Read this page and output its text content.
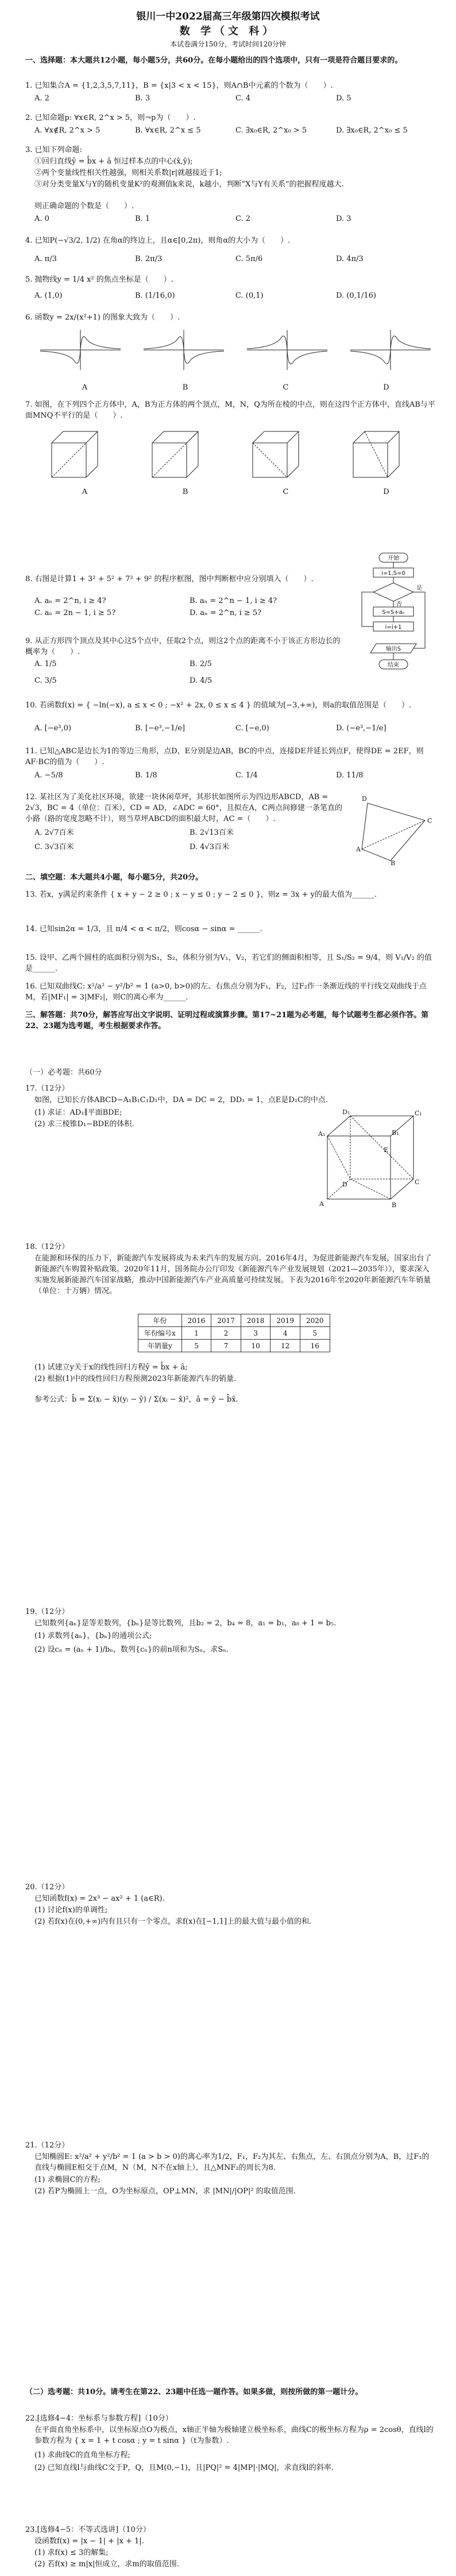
银川一中2022届高三年级第四次模拟考试
数 学（文 科）
本试卷满分150分，考试时间120分钟
一、选择题：本大题共12小题，每小题5分，共60分。在每小题给出的四个选项中，只有一项是符合题目要求的。
1. 已知集合A = {1,2,3,5,7,11}，B = {x|3 < x < 15}，则A∩B中元素的个数为（　　）.
A. 2	B. 3	C. 4	D. 5
2. 已知命题p: ∀x∈R, 2^x > 5，则¬p为（　　）.
A. ∀x∉R, 2^x > 5	B. ∀x∈R, 2^x ≤ 5	C. ∃x₀∈R, 2^x₀ > 5	D. ∃x₀∈R, 2^x₀ ≤ 5
3. 已知下列命题:
①回归直线ŷ = b̂x + â 恒过样本点的中心(x̄,ȳ);
②两个变量线性相关性越强，则相关系数|r|就越接近于1;
③对分类变量X与Y的随机变量K²的观测值k来说，k越小，判断“X与Y有关系”的把握程度越大.
则正确命题的个数是（　　）.
A. 0	B. 1	C. 2	D. 3
4. 已知P(−√3/2, 1/2) 在角α的终边上，且α∈[0,2π)，则角α的大小为（　　）.
A. π/3	B. 2π/3	C. 5π/6	D. 4π/3
5. 抛物线y = 1/4 x² 的焦点坐标是（　　）.
A. (1,0)	B. (1/16,0)	C. (0,1)	D. (0,1/16)
6. 函数y = 2x/(x²+1) 的图象大致为（　　）.
A	B	C	D
7. 如图，在下列四个正方体中，A，B为正方体的两个顶点，M，N，Q为所在棱的中点，则在这四个正方体中，直线AB与平面MNQ不平行的是（　　）.
A	B	C	D
8. 右图是计算1 + 3² + 5² + 7² + 9² 的程序框图，图中判断框中应分别填入（　　）.
A. aₙ = 2^n, i ≥ 4?	B. aₙ = 2^n − 1, i ≥ 4?
C. aₙ = 2n − 1, i ≥ 5?	D. aₙ = 2^n, i ≥ 5?
开始
i=1,S=0
S=S+aₙ
i=i+1
否
是
输出S
结束
9. 从正方形四个顶点及其中心这5个点中，任取2个点，则这2个点的距离不小于该正方形边长的概率为（　　）.
A. 1/5	B. 2/5
C. 3/5	D. 4/5
10. 若函数f(x) = { −ln(−x), a ≤ x < 0 ; −x² + 2x, 0 ≤ x ≤ 4 } 的值域为[−3,+∞)，则a的取值范围是（　　）.
A. [−e³,0)	B. [−e³,−1/e]	C. [−e,0)	D. (−e³,−1/e]
11. 已知△ABC是边长为1的等边三角形，点D，E分别是边AB，BC的中点，连接DE并延长到点F，使得DE = 2EF，则AF·BC的值为（　　）.
A. −5/8	B. 1/8	C. 1/4	D. 11/8
12. 某社区为了美化社区环境，欲建一块休闲草坪，其形状如图所示为四边形ABCD，AB = 2√3，BC = 4（单位：百米），CD = AD，∠ADC = 60°，且拟在A，C两点间修建一条笔直的小路（路的宽度忽略不计），则当草坪ABCD的面积最大时，AC =（　　）.
A. 2√7百米	B. 2√13百米
C. 3√3百米	D. 4√3百米
D
A
B
C
二、填空题：本大题共4小题，每小题5分，共20分。
13. 若x，y满足约束条件 { x + y − 2 ≥ 0 ; x − y ≤ 0 ; y − 2 ≤ 0 }，则z = 3x + y的最大值为______.
14. 已知sin2α = 1/3，且 π/4 < α < π/2，则cosα − sinα = ______.
15. 设甲、乙两个圆柱的底面积分别为S₁，S₂，体积分别为V₁，V₂，若它们的侧面积相等，且 S₁/S₂ = 9/4，则 V₁/V₂ 的值是______.
16. 已知双曲线C: x²/a² − y²/b² = 1 (a>0, b>0)的左、右焦点分别为F₁，F₂，过F₂作一条渐近线的平行线交双曲线于点M，若|MF₁| = 3|MF₂|，则C的离心率为______.
三、解答题：共70分，解答应写出文字说明、证明过程或演算步骤。第17~21题为必考题，每个试题考生都必须作答。第22、23题为选考题，考生根据要求作答。
（一）必考题：共60分
17.（12分）
如图，已知长方体ABCD−A₁B₁C₁D₁中，DA = DC = 2，DD₁ = 1，点E是D₁C的中点.
(1) 求证：AD₁∥平面BDE;
(2) 求三棱锥D₁−BDE的体积.
A₁	B₁
C₁
D₁
E
A	B
C
D
18.（12分）
在能源和环保的压力下，新能源汽车发展将成为未来汽车的发展方向。2016年4月，为促进新能源汽车发展，国家出台了新能源汽车购置补贴政策。2020年11月，国务院办公厅印发《新能源汽车产业发展规划（2021—2035年）》，要求深入实施发展新能源汽车国家战略，推动中国新能源汽车产业高质量可持续发展。下表为2016年至2020年新能源汽车年销量（单位：十万辆）情况。
年份	2016	2017	2018	2019	2020
年份编号x	1	2	3	4	5
年销量y	5	7	10	12	16
(1) 试建立y关于x的线性回归方程ŷ = b̂x + â;
(2) 根据(1)中的线性回归方程预测2023年新能源汽车的销量.
参考公式：b̂ = Σ(xᵢ − x̄)(yᵢ − ȳ) / Σ(xᵢ − x̄)²，â = ȳ − b̂x̄.
19.（12分）
已知数列{aₙ}是等差数列，{bₙ}是等比数列，且b₂ = 2，b₄ = 8，a₁ = b₁，a₈ + 1 = b₅.
(1) 求数列{aₙ}，{bₙ}的通项公式;
(2) 设cₙ = (aₙ + 1)/bₙ，数列{cₙ}的前n项和为Sₙ，求Sₙ.
20.（12分）
已知函数f(x) = 2x³ − ax² + 1 (a∈R).
(1) 讨论f(x)的单调性;
(2) 若f(x)在(0,+∞)内有且只有一个零点，求f(x)在[−1,1]上的最大值与最小值的和.
21.（12分）
已知椭圆E: x²/a² + y²/b² = 1 (a > b > 0)的离心率为1/2，F₁，F₂为其左、右焦点，左、右顶点分别为A，B，过F₁的直线与椭圆E相交于点M，N（M，N不在x轴上），且△MNF₂的周长为8.
(1) 求椭圆C的方程;
(2) 若P为椭圆上一点，O为坐标原点，OP⊥MN，求 |MN|/|OP|² 的取值范围.
（二）选考题：共10分。请考生在第22、23题中任选一题作答。如果多做，则按所做的第一题计分。
22.[选修4−4：坐标系与参数方程]（10分）
在平面直角坐标系中，以坐标原点O为极点，x轴正半轴为极轴建立极坐标系，曲线C的极坐标方程为ρ = 2cosθ，直线l的参数方程为 { x = 1 + t cosα ; y = t sinα }（t为参数）.
(1) 求曲线C的直角坐标方程;
(2) 已知直线l与曲线C交于P，Q，且M(0,−1)，且|PQ|² = 4|MP|·|MQ|，求直线l的斜率.
23.[选修4−5：不等式选讲]（10分）
设函数f(x) = |x − 1| + |x + 1|.
(1) 求f(x) ≤ 3的解集;
(2) 若f(x) ≥ m|x|恒成立，求m的取值范围.
